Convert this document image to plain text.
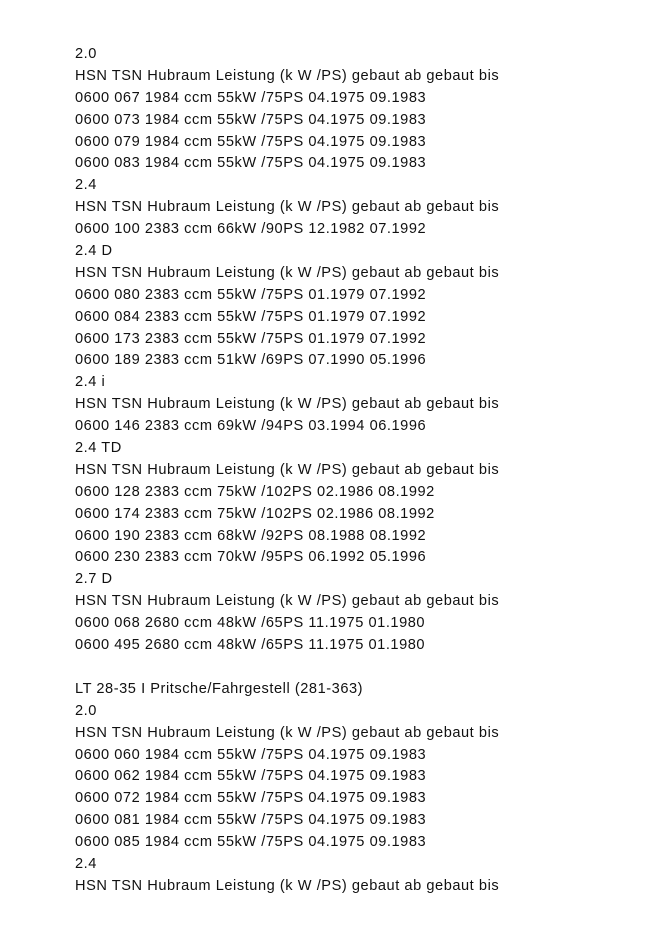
2.0
HSN TSN Hubraum Leistung (k W /PS) gebaut ab gebaut bis
0600 067 1984 ccm 55kW /75PS 04.1975 09.1983
0600 073 1984 ccm 55kW /75PS 04.1975 09.1983
0600 079 1984 ccm 55kW /75PS 04.1975 09.1983
0600 083 1984 ccm 55kW /75PS 04.1975 09.1983
2.4
HSN TSN Hubraum Leistung (k W /PS) gebaut ab gebaut bis
0600 100 2383 ccm 66kW /90PS 12.1982 07.1992
2.4 D
HSN TSN Hubraum Leistung (k W /PS) gebaut ab gebaut bis
0600 080 2383 ccm 55kW /75PS 01.1979 07.1992
0600 084 2383 ccm 55kW /75PS 01.1979 07.1992
0600 173 2383 ccm 55kW /75PS 01.1979 07.1992
0600 189 2383 ccm 51kW /69PS 07.1990 05.1996
2.4 i
HSN TSN Hubraum Leistung (k W /PS) gebaut ab gebaut bis
0600 146 2383 ccm 69kW /94PS 03.1994 06.1996
2.4 TD
HSN TSN Hubraum Leistung (k W /PS) gebaut ab gebaut bis
0600 128 2383 ccm 75kW /102PS 02.1986 08.1992
0600 174 2383 ccm 75kW /102PS 02.1986 08.1992
0600 190 2383 ccm 68kW /92PS 08.1988 08.1992
0600 230 2383 ccm 70kW /95PS 06.1992 05.1996
2.7 D
HSN TSN Hubraum Leistung (k W /PS) gebaut ab gebaut bis
0600 068 2680 ccm 48kW /65PS 11.1975 01.1980
0600 495 2680 ccm 48kW /65PS 11.1975 01.1980
LT 28-35 I Pritsche/Fahrgestell (281-363)
2.0
HSN TSN Hubraum Leistung (k W /PS) gebaut ab gebaut bis
0600 060 1984 ccm 55kW /75PS 04.1975 09.1983
0600 062 1984 ccm 55kW /75PS 04.1975 09.1983
0600 072 1984 ccm 55kW /75PS 04.1975 09.1983
0600 081 1984 ccm 55kW /75PS 04.1975 09.1983
0600 085 1984 ccm 55kW /75PS 04.1975 09.1983
2.4
HSN TSN Hubraum Leistung (k W /PS) gebaut ab gebaut bis
